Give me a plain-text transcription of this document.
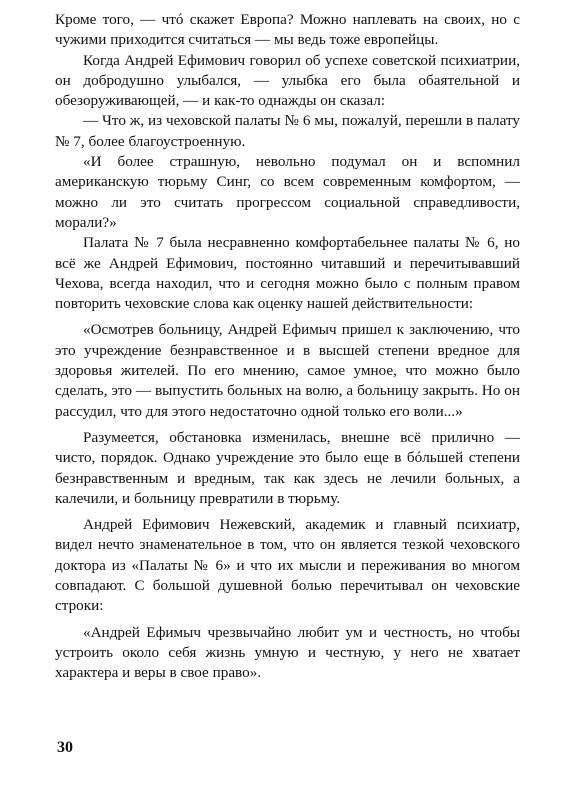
Кроме того, — чтó скажет Европа? Можно наплевать на своих, но с чужими приходится считаться — мы ведь тоже европейцы.

Когда Андрей Ефимович говорил об успехе советской психиатрии, он добродушно улыбался, — улыбка его была обаятельной и обезоруживающей, — и как-то однажды он сказал:

— Что ж, из чеховской палаты № 6 мы, пожалуй, перешли в палату № 7, более благоустроенную.

«И более страшную, невольно подумал он и вспомнил американскую тюрьму Синг, со всем современным комфортом, — можно ли это считать прогрессом социальной справедливости, морали?»

Палата № 7 была несравненно комфортабельнее палаты № 6, но всё же Андрей Ефимович, постоянно читавший и перечитывавший Чехова, всегда находил, что и сегодня можно было с полным правом повторить чеховские слова как оценку нашей действительности:

«Осмотрев больницу, Андрей Ефимыч пришел к заключению, что это учреждение безнравственное и в высшей степени вредное для здоровья жителей. По его мнению, самое умное, что можно было сделать, это — выпустить больных на волю, а больницу закрыть. Но он рассудил, что для этого недостаточно одной только его воли...»

Разумеется, обстановка изменилась, внешне всё прилично — чисто, порядок. Однако учреждение это было еще в бóльшей степени безнравственным и вредным, так как здесь не лечили больных, а калечили, и больницу превратили в тюрьму.

Андрей Ефимович Нежевский, академик и главный психиатр, видел нечто знаменательное в том, что он является тезкой чеховского доктора из «Палаты № 6» и что их мысли и переживания во многом совпадают. С большой душевной болью перечитывал он чеховские строки:

«Андрей Ефимыч чрезвычайно любит ум и честность, но чтобы устроить около себя жизнь умную и честную, у него не хватает характера и веры в свое право».

30
